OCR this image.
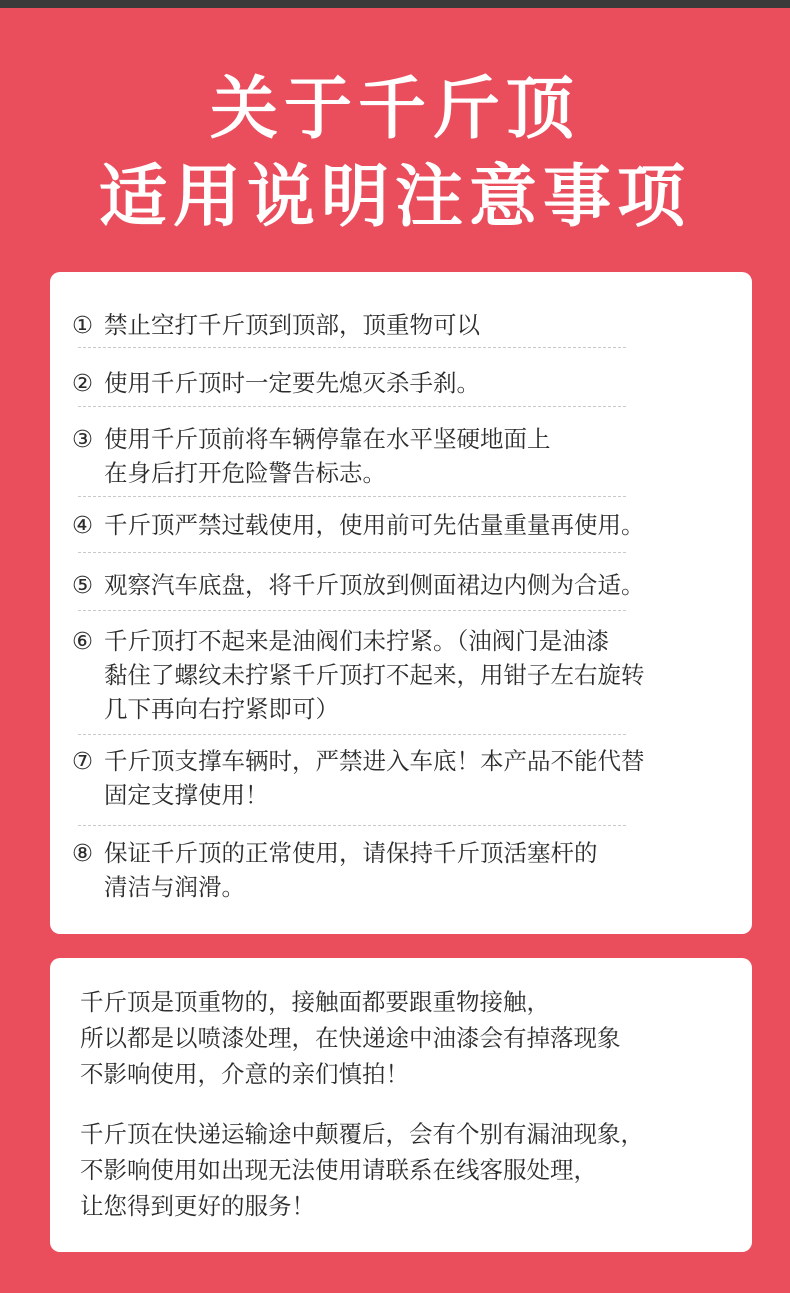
关于千斤顶
适用说明注意事项
① 禁止空打千斤顶到顶部，顶重物可以
② 使用千斤顶时一定要先熄灭杀手刹。
③ 使用千斤顶前将车辆停靠在水平坚硬地面上
在身后打开危险警告标志。
④ 千斤顶严禁过载使用，使用前可先估量重量再使用。
⑤ 观察汽车底盘，将千斤顶放到侧面裙边内侧为合适。
⑥ 千斤顶打不起来是油阀们未拧紧。（油阀门是油漆
黏住了螺纹未拧紧千斤顶打不起来，用钳子左右旋转
几下再向右拧紧即可）
⑦ 千斤顶支撑车辆时，严禁进入车底！本产品不能代替
固定支撑使用！
⑧ 保证千斤顶的正常使用，请保持千斤顶活塞杆的
清洁与润滑。
千斤顶是顶重物的，接触面都要跟重物接触，
所以都是以喷漆处理，在快递途中油漆会有掉落现象
不影响使用，介意的亲们慎拍！
千斤顶在快递运输途中颠覆后，会有个别有漏油现象，
不影响使用如出现无法使用请联系在线客服处理，
让您得到更好的服务！
